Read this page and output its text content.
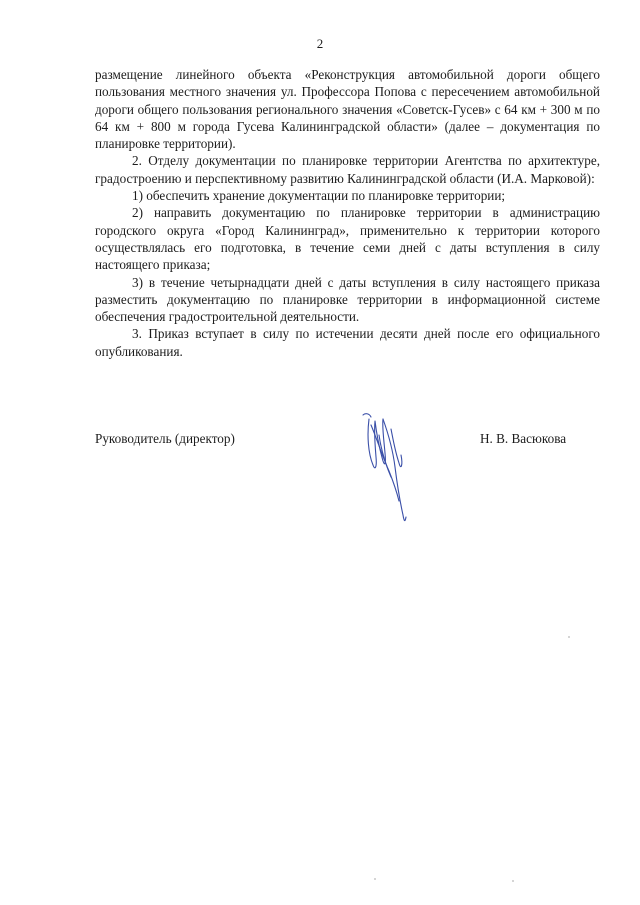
2

размещение линейного объекта «Реконструкция автомобильной дороги общего пользования местного значения ул. Профессора Попова с пересечением автомобильной дороги общего пользования регионального значения «Советск-Гусев» с 64 км + 300 м по 64 км + 800 м города Гусева Калининградской области» (далее – документация по планировке территории).

2. Отделу документации по планировке территории Агентства по архитектуре, градостроению и перспективному развитию Калининградской области (И.А. Марковой):

1) обеспечить хранение документации по планировке территории;

2) направить документацию по планировке территории в администрацию городского округа «Город Калининград», применительно к территории которого осуществлялась его подготовка, в течение семи дней с даты вступления в силу настоящего приказа;

3) в течение четырнадцати дней с даты вступления в силу настоящего приказа разместить документацию по планировке территории в информационной системе обеспечения градостроительной деятельности.

3. Приказ вступает в силу по истечении десяти дней после его официального опубликования.

Руководитель (директор)	Н. В. Васюкова
